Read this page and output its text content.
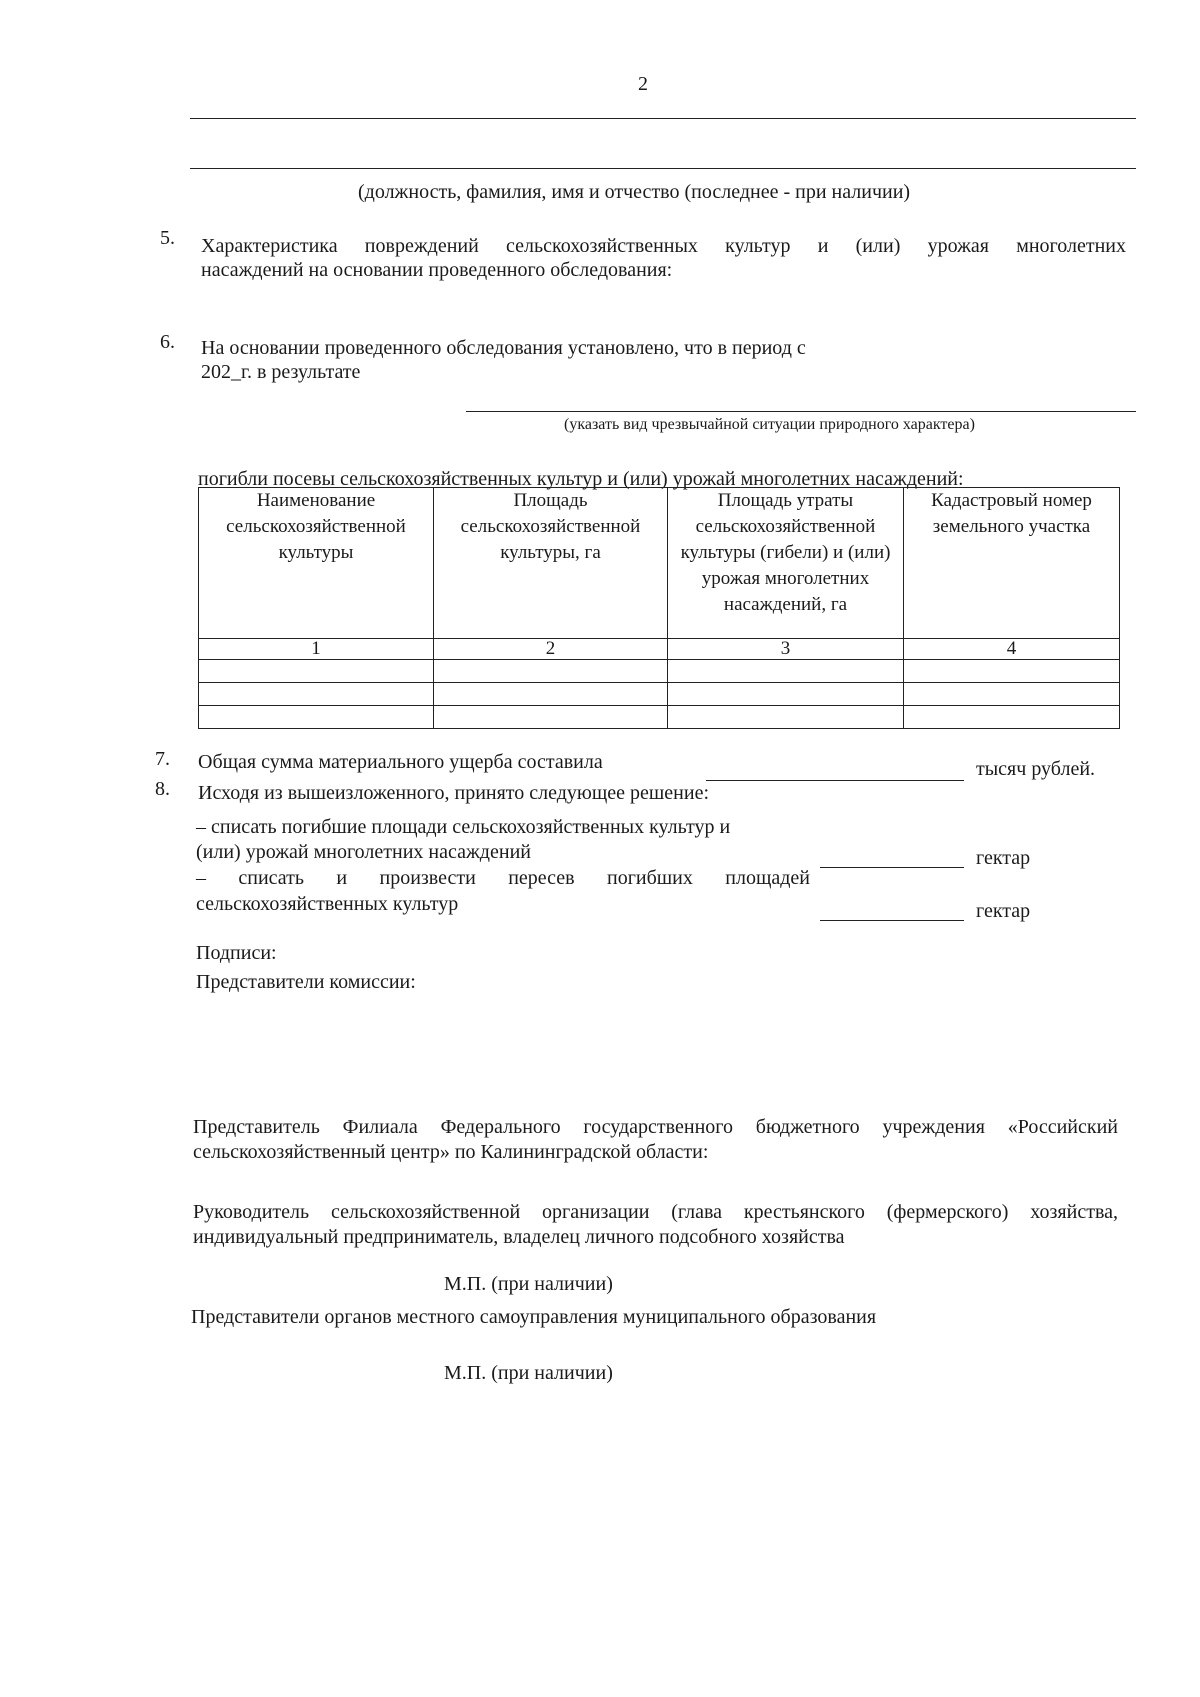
2
(должность, фамилия, имя и отчество (последнее - при наличии)
5. Характеристика повреждений сельскохозяйственных культур и (или) урожая многолетних
насаждений на основании проведенного обследования:
6. На основании проведенного обследования установлено, что в период с
202_г. в результате
(указать вид чрезвычайной ситуации природного характера)
погибли посевы сельскохозяйственных культур и (или) урожай многолетних насаждений:
Наименование сельскохозяйственной культуры	Площадь сельскохозяйственной культуры, га	Площадь утраты сельскохозяйственной культуры (гибели) и (или) урожая многолетних насаждений, га	Кадастровый номер земельного участка
1	2	3	4

7. Общая сумма материального ущерба составила	тысяч рублей.
8. Исходя из вышеизложенного, принято следующее решение:
– списать погибшие площади сельскохозяйственных культур и
(или) урожай многолетних насаждений	гектар
– списать и произвести пересев погибших площадей
сельскохозяйственных культур	гектар
Подписи:
Представители комиссии:
Представитель Филиала Федерального государственного бюджетного учреждения «Российский
сельскохозяйственный центр» по Калининградской области:
Руководитель сельскохозяйственной организации (глава крестьянского (фермерского) хозяйства,
индивидуальный предприниматель, владелец личного подсобного хозяйства
М.П. (при наличии)
Представители органов местного самоуправления муниципального образования
М.П. (при наличии)
